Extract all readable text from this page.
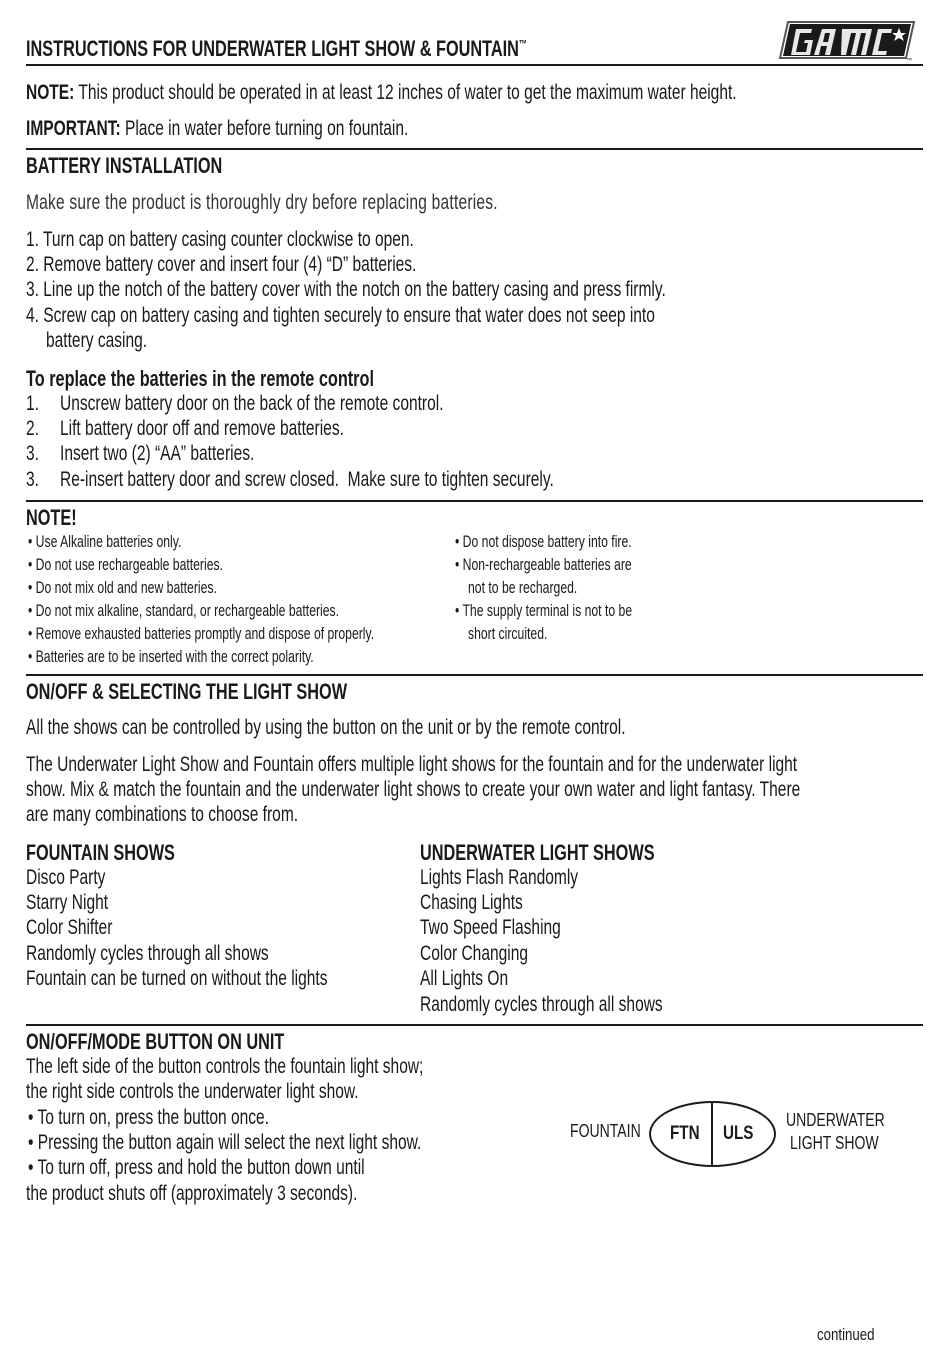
INSTRUCTIONS FOR UNDERWATER LIGHT SHOW & FOUNTAIN™
™
NOTE: This product should be operated in at least 12 inches of water to get the maximum water height.
IMPORTANT: Place in water before turning on fountain.
BATTERY INSTALLATION
Make sure the product is thoroughly dry before replacing batteries.
1. Turn cap on battery casing counter clockwise to open.
2. Remove battery cover and insert four (4) “D” batteries.
3. Line up the notch of the battery cover with the notch on the battery casing and press firmly.
4. Screw cap on battery casing and tighten securely to ensure that water does not seep into
battery casing.
To replace the batteries in the remote control
1. Unscrew battery door on the back of the remote control.
2. Lift battery door off and remove batteries.
3. Insert two (2) “AA” batteries.
3. Re-insert battery door and screw closed.  Make sure to tighten securely.
NOTE!
• Use Alkaline batteries only.
• Do not use rechargeable batteries.
• Do not mix old and new batteries.
• Do not mix alkaline, standard, or rechargeable batteries.
• Remove exhausted batteries promptly and dispose of properly.
• Batteries are to be inserted with the correct polarity.
• Do not dispose battery into fire.
• Non-rechargeable batteries are
not to be recharged.
• The supply terminal is not to be
short circuited.
ON/OFF & SELECTING THE LIGHT SHOW
All the shows can be controlled by using the button on the unit or by the remote control.
The Underwater Light Show and Fountain offers multiple light shows for the fountain and for the underwater light
show. Mix & match the fountain and the underwater light shows to create your own water and light fantasy. There
are many combinations to choose from.
FOUNTAIN SHOWS
Disco Party
Starry Night
Color Shifter
Randomly cycles through all shows
Fountain can be turned on without the lights
UNDERWATER LIGHT SHOWS
Lights Flash Randomly
Chasing Lights
Two Speed Flashing
Color Changing
All Lights On
Randomly cycles through all shows
ON/OFF/MODE BUTTON ON UNIT
The left side of the button controls the fountain light show;
the right side controls the underwater light show.
• To turn on, press the button once.
• Pressing the button again will select the next light show.
• To turn off, press and hold the button down until
the product shuts off (approximately 3 seconds).
FOUNTAIN	FTN	ULS
UNDERWATER
LIGHT SHOW
continued
